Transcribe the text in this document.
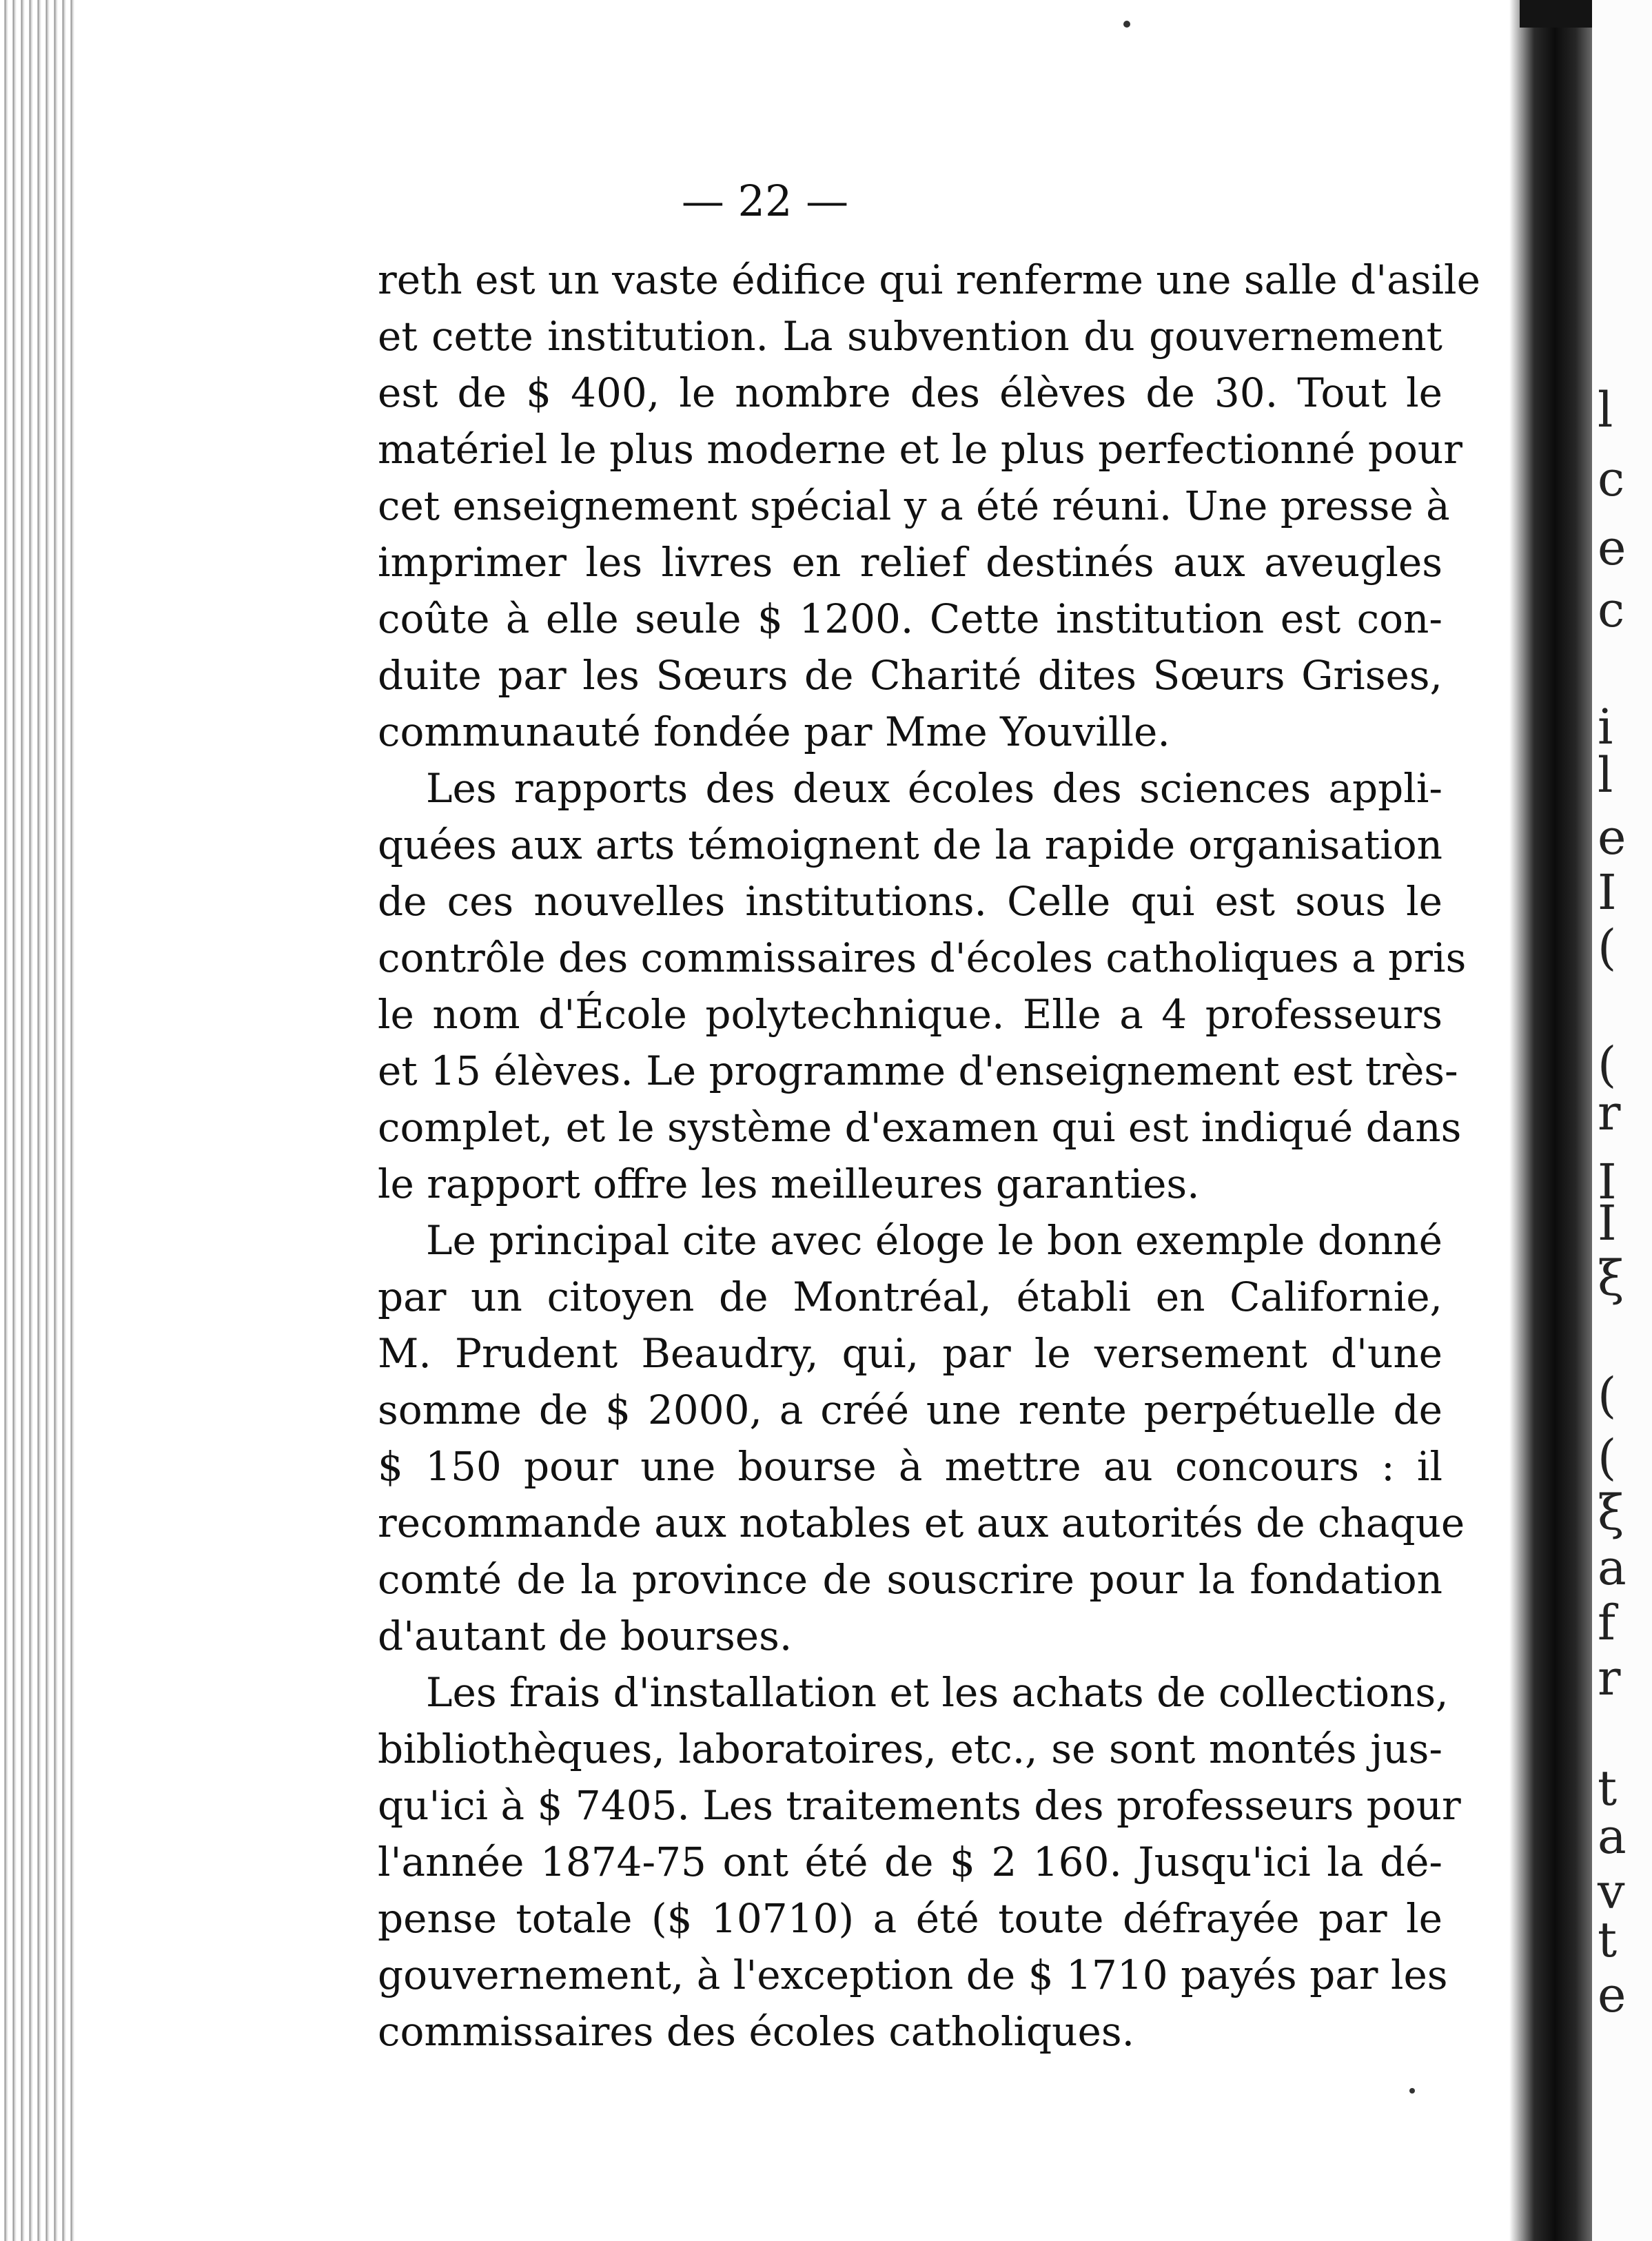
l
c
e
c
i
l
e
I
(
(
r
I
I
ξ
(
(
ξ
a
f
r
t
a
v
t
e
— 22 —

reth est un vaste édifice qui renferme une salle d'asile
et cette institution. La subvention du gouvernement
est de $ 400, le nombre des élèves de 30. Tout le
matériel le plus moderne et le plus perfectionné pour
cet enseignement spécial y a été réuni. Une presse à
imprimer les livres en relief destinés aux aveugles
coûte à elle seule $ 1200. Cette institution est con-
duite par les Sœurs de Charité dites Sœurs Grises,
communauté fondée par Mme Youville.

Les rapports des deux écoles des sciences appli-
quées aux arts témoignent de la rapide organisation
de ces nouvelles institutions. Celle qui est sous le
contrôle des commissaires d'écoles catholiques a pris
le nom d'École polytechnique. Elle a 4 professeurs
et 15 élèves. Le programme d'enseignement est très-
complet, et le système d'examen qui est indiqué dans
le rapport offre les meilleures garanties.

Le principal cite avec éloge le bon exemple donné
par un citoyen de Montréal, établi en Californie,
M. Prudent Beaudry, qui, par le versement d'une
somme de $ 2000, a créé une rente perpétuelle de
$ 150 pour une bourse à mettre au concours : il
recommande aux notables et aux autorités de chaque
comté de la province de souscrire pour la fondation
d'autant de bourses.

Les frais d'installation et les achats de collections,
bibliothèques, laboratoires, etc., se sont montés jus-
qu'ici à $ 7405. Les traitements des professeurs pour
l'année 1874-75 ont été de $ 2 160. Jusqu'ici la dé-
pense totale ($ 10710) a été toute défrayée par le
gouvernement, à l'exception de $ 1710 payés par les
commissaires des écoles catholiques.
